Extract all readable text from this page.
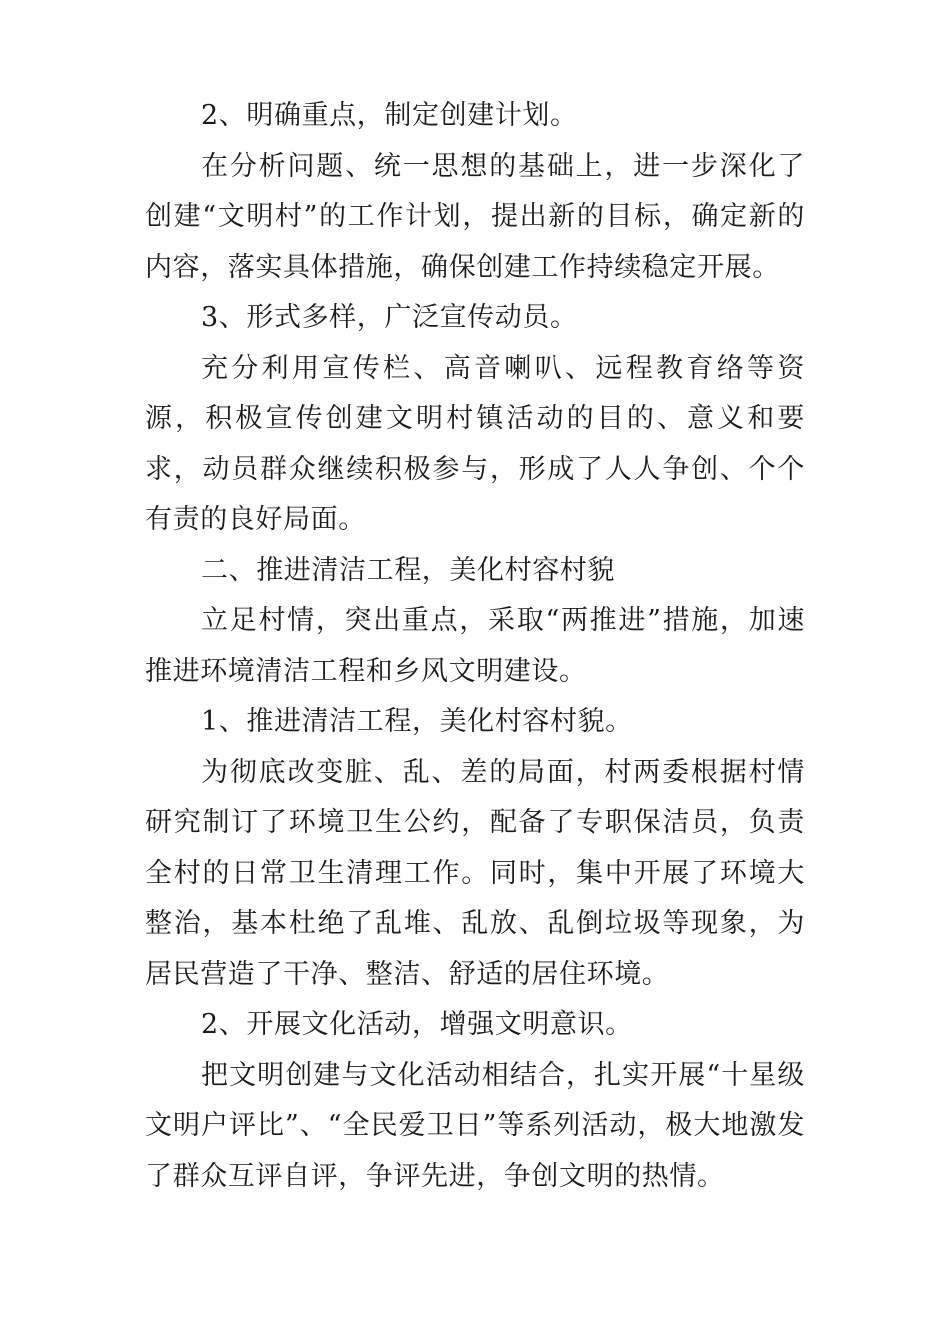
2、明确重点，制定创建计划。

在分析问题、统一思想的基础上，进一步深化了创建“文明村”的工作计划，提出新的目标，确定新的内容，落实具体措施，确保创建工作持续稳定开展。

3、形式多样，广泛宣传动员。

充分利用宣传栏、高音喇叭、远程教育络等资源，积极宣传创建文明村镇活动的目的、意义和要求，动员群众继续积极参与，形成了人人争创、个个有责的良好局面。

二、推进清洁工程，美化村容村貌

立足村情，突出重点，采取“两推进”措施，加速推进环境清洁工程和乡风文明建设。

1、推进清洁工程，美化村容村貌。

为彻底改变脏、乱、差的局面，村两委根据村情研究制订了环境卫生公约，配备了专职保洁员，负责全村的日常卫生清理工作。同时，集中开展了环境大整治，基本杜绝了乱堆、乱放、乱倒垃圾等现象，为居民营造了干净、整洁、舒适的居住环境。

2、开展文化活动，增强文明意识。

把文明创建与文化活动相结合，扎实开展“十星级文明户评比”、“全民爱卫日”等系列活动，极大地激发了群众互评自评，争评先进，争创文明的热情。
